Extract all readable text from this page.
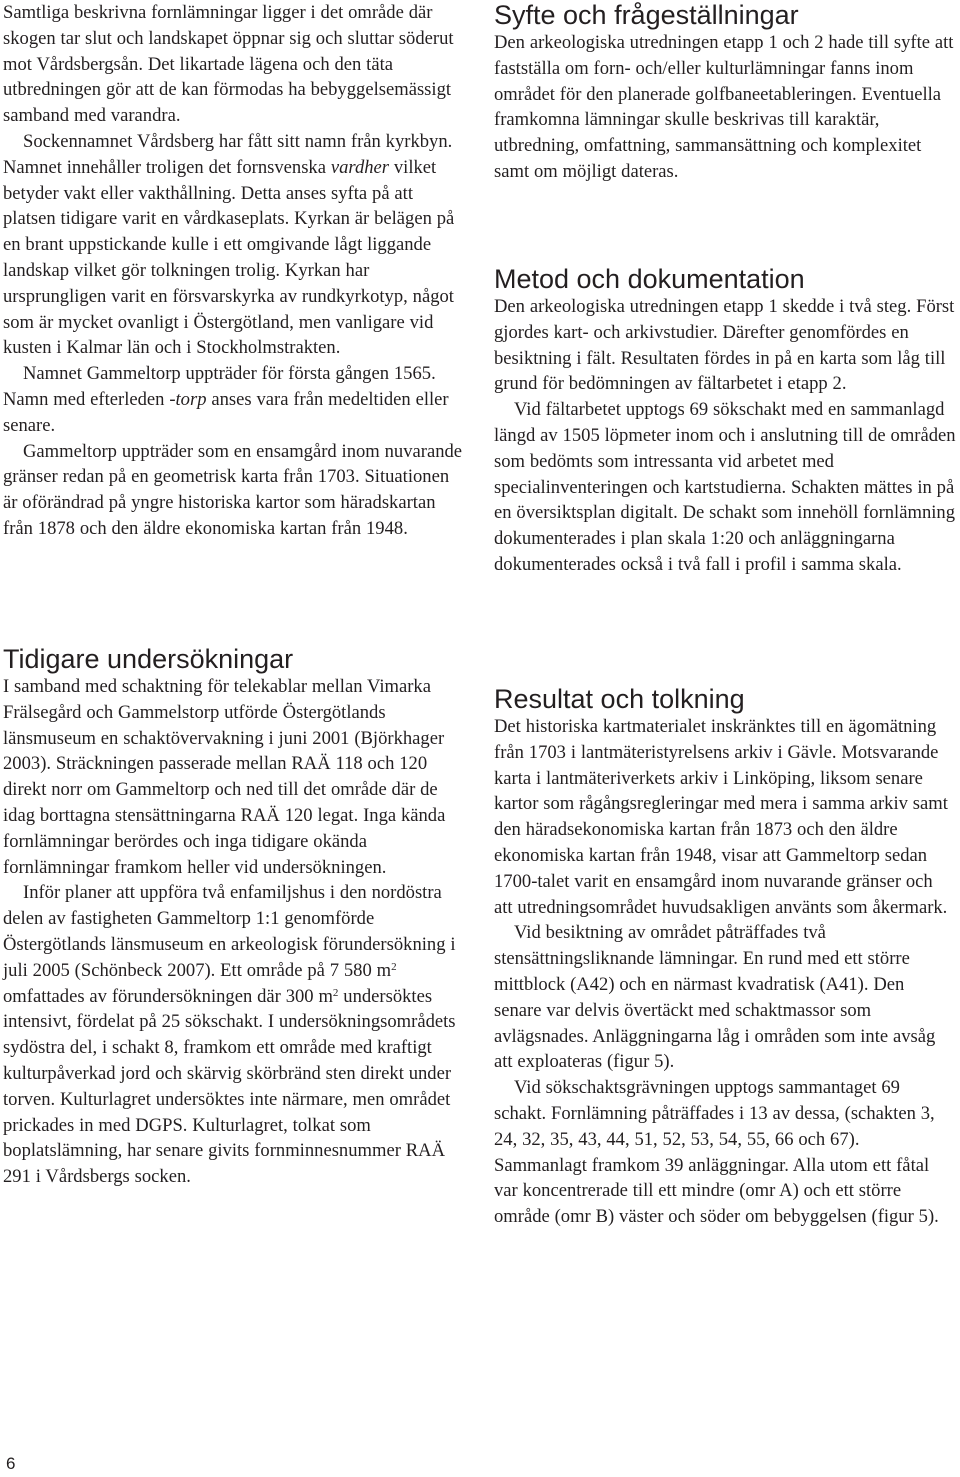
Samtliga beskrivna fornlämningar ligger i det område där skogen tar slut och landskapet öppnar sig och sluttar söderut mot Vårdsbergsån. Det likartade lägena och den täta utbredningen gör att de kan förmodas ha bebyggelsemässigt samband med varandra.

Sockennamnet Vårdsberg har fått sitt namn från kyrkbyn. Namnet innehåller troligen det fornsvenska vardher vilket betyder vakt eller vakthållning. Detta anses syfta på att platsen tidigare varit en vårdkaseplats. Kyrkan är belägen på en brant uppstickande kulle i ett omgivande lågt liggande landskap vilket gör tolkningen trolig. Kyrkan har ursprungligen varit en försvarskyrka av rundkyrkotyp, något som är mycket ovanligt i Östergötland, men vanligare vid kusten i Kalmar län och i Stockholmstrakten.

Namnet Gammeltorp uppträder för första gången 1565. Namn med efterleden -torp anses vara från medeltiden eller senare.

Gammeltorp uppträder som en ensamgård inom nuvarande gränser redan på en geometrisk karta från 1703. Situationen är oförändrad på yngre historiska kartor som häradskartan från 1878 och den äldre ekonomiska kartan från 1948.

Tidigare undersökningar

I samband med schaktning för telekablar mellan Vimarka Frälsegård och Gammelstorp utförde Östergötlands länsmuseum en schaktövervakning i juni 2001 (Björkhager 2003). Sträckningen passerade mellan RAÄ 118 och 120 direkt norr om Gammeltorp och ned till det område där de idag borttagna stensättningarna RAÄ 120 legat. Inga kända fornlämningar berördes och inga tidigare okända fornlämningar framkom heller vid undersökningen.

Inför planer att uppföra två enfamiljshus i den nordöstra delen av fastigheten Gammeltorp 1:1 genomförde Östergötlands länsmuseum en arkeologisk förundersökning i juli 2005 (Schönbeck 2007). Ett område på 7 580 $m^2$ omfattades av förundersökningen där 300 $m^2$ undersöktes intensivt, fördelat på 25 sökschakt. I undersökningsområdets sydöstra del, i schakt 8, framkom ett område med kraftigt kulturpåverkad jord och skärvig skörbränd sten direkt under torven. Kulturlagret undersöktes inte närmare, men området prickades in med DGPS. Kulturlagret, tolkat som boplatslämning, har senare givits fornminnesnummer RAÄ 291 i Vårdsbergs socken.

Syfte och frågeställningar

Den arkeologiska utredningen etapp 1 och 2 hade till syfte att fastställa om forn- och/eller kulturlämningar fanns inom området för den planerade golfbaneetableringen. Eventuella framkomna lämningar skulle beskrivas till karaktär, utbredning, omfattning, sammansättning och komplexitet samt om möjligt dateras.

Metod och dokumentation

Den arkeologiska utredningen etapp 1 skedde i två steg. Först gjordes kart- och arkivstudier. Därefter genomfördes en besiktning i fält. Resultaten fördes in på en karta som låg till grund för bedömningen av fältarbetet i etapp 2.

Vid fältarbetet upptogs 69 sökschakt med en sammanlagd längd av 1505 löpmeter inom och i anslutning till de områden som bedömts som intressanta vid arbetet med specialinventeringen och kartstudierna. Schakten mättes in på en översiktsplan digitalt. De schakt som innehöll fornlämning dokumenterades i plan skala 1:20 och anläggningarna dokumenterades också i två fall i profil i samma skala.

Resultat och tolkning

Det historiska kartmaterialet inskränktes till en ägomätning från 1703 i lantmäteristyrelsens arkiv i Gävle. Motsvarande karta i lantmäteriverkets arkiv i Linköping, liksom senare kartor som rågångsregleringar med mera i samma arkiv samt den häradsekonomiska kartan från 1873 och den äldre ekonomiska kartan från 1948, visar att Gammeltorp sedan 1700-talet varit en ensamgård inom nuvarande gränser och att utredningsområdet huvudsakligen använts som åkermark.

Vid besiktning av området påträffades två stensättningsliknande lämningar. En rund med ett större mittblock (A42) och en närmast kvadratisk (A41). Den senare var delvis övertäckt med schaktmassor som avlägsnades. Anläggningarna låg i områden som inte avsåg att exploateras (figur 5).

Vid sökschaktsgrävningen upptogs sammantaget 69 schakt. Fornlämning påträffades i 13 av dessa, (schakten 3, 24, 32, 35, 43, 44, 51, 52, 53, 54, 55, 66 och 67). Sammanlagt framkom 39 anläggningar. Alla utom ett fåtal var koncentrerade till ett mindre (omr A) och ett större område (omr B) väster och söder om bebyggelsen (figur 5).

6
